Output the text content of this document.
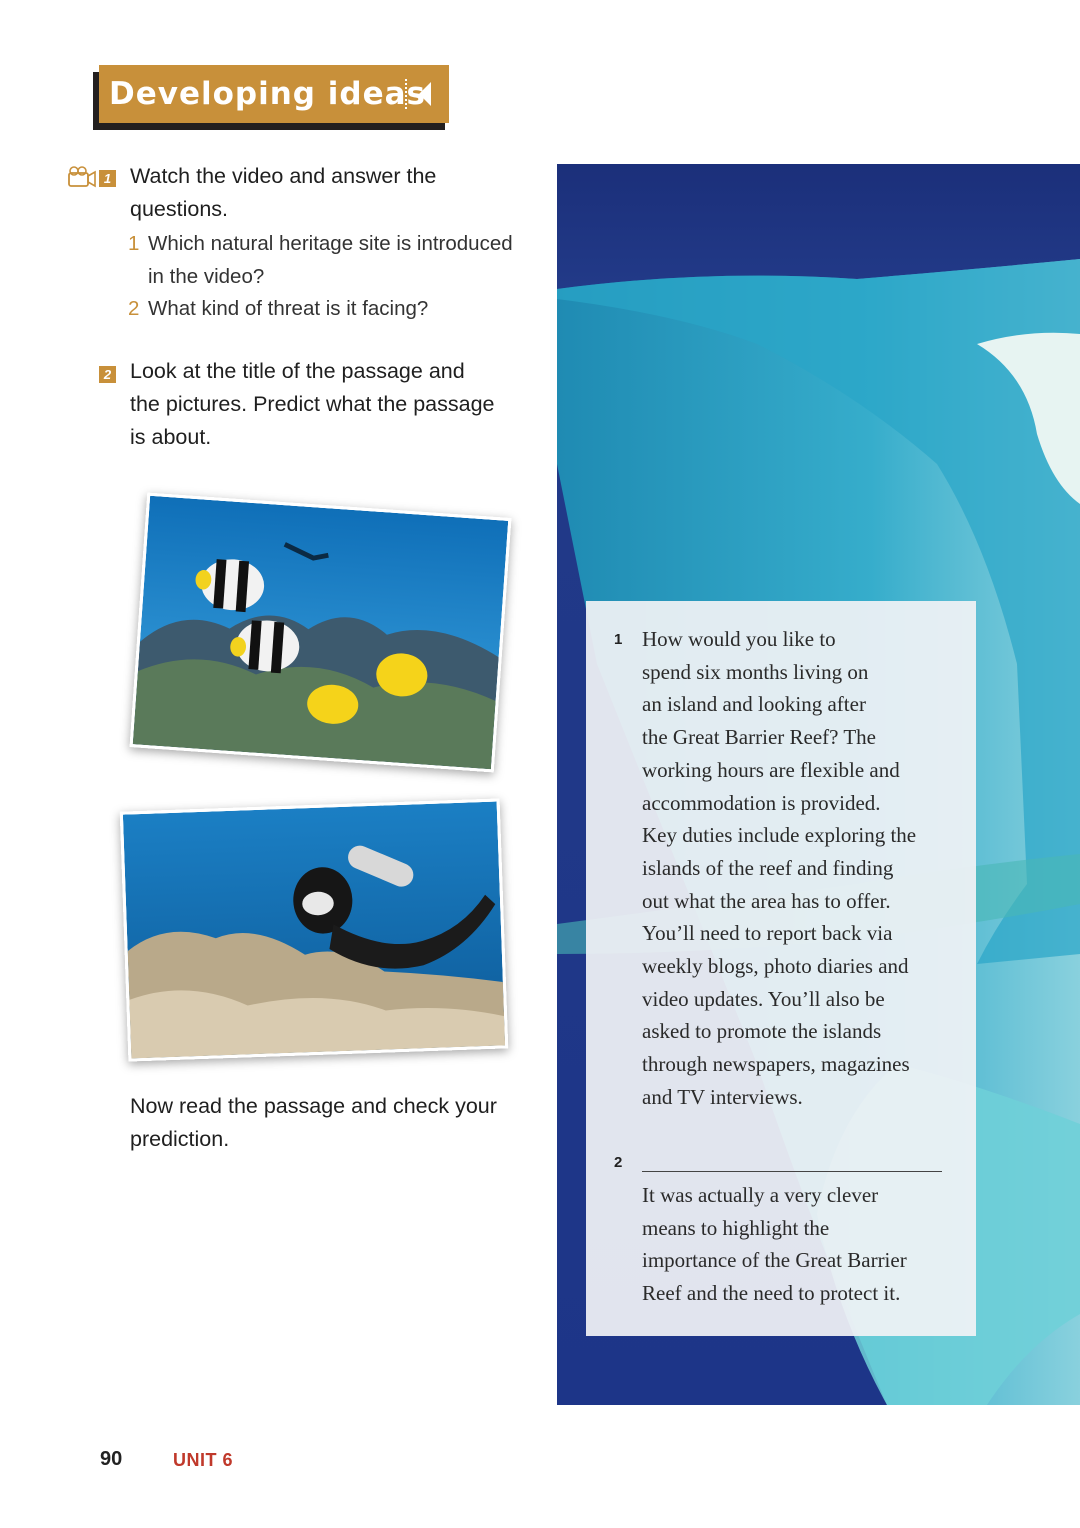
Developing ideas
1 Watch the video and answer the
questions.
1 Which natural heritage site is introduced
in the video?
2 What kind of threat is it facing?
2 Look at the title of the passage and
the pictures. Predict what the passage
is about.
Now read the passage and check your
prediction.
1 How would you like to
spend six months living on
an island and looking after
the Great Barrier Reef? The
working hours are flexible and
accommodation is provided.
Key duties include exploring the
islands of the reef and finding
out what the area has to offer.
You’ll need to report back via
weekly blogs, photo diaries and
video updates. You’ll also be
asked to promote the islands
through newspapers, magazines
and TV interviews.
2
It was actually a very clever
means to highlight the
importance of the Great Barrier
Reef and the need to protect it.
90	UNIT 6
